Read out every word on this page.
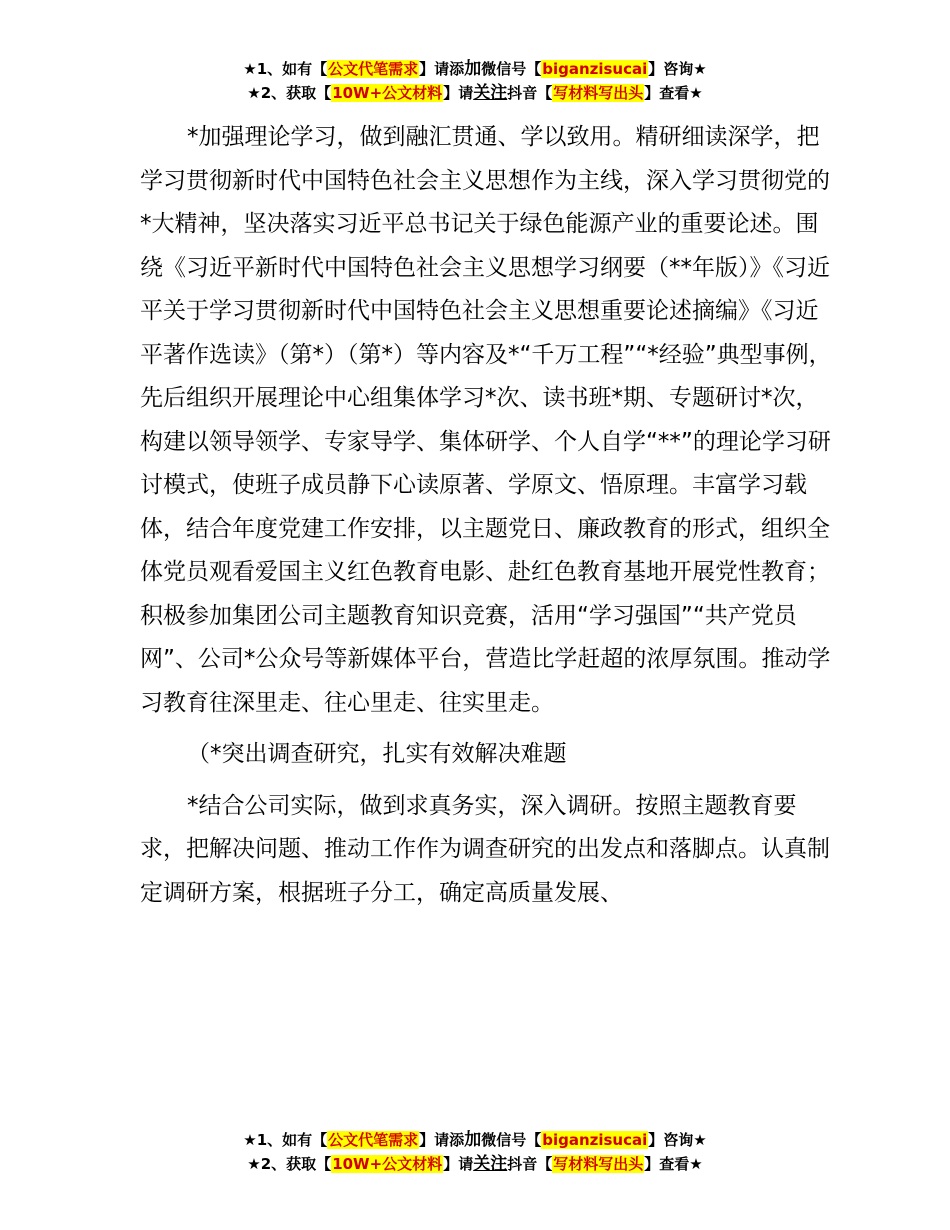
★1、如有【公文代笔需求】请添加微信号【biganzisucai】咨询★
★2、获取【10W+公文材料】请关注抖音【写材料写出头】查看★

*加强理论学习，做到融汇贯通、学以致用。精研细读深学，把学习贯彻新时代中国特色社会主义思想作为主线，深入学习贯彻党的*大精神，坚决落实习近平总书记关于绿色能源产业的重要论述。围绕《习近平新时代中国特色社会主义思想学习纲要（**年版）》《习近平关于学习贯彻新时代中国特色社会主义思想重要论述摘编》《习近平著作选读》（第*）（第*）等内容及*“千万工程”“*经验”典型事例，先后组织开展理论中心组集体学习*次、读书班*期、专题研讨*次，构建以领导领学、专家导学、集体研学、个人自学“**”的理论学习研讨模式，使班子成员静下心读原著、学原文、悟原理。丰富学习载体，结合年度党建工作安排，以主题党日、廉政教育的形式，组织全体党员观看爱国主义红色教育电影、赴红色教育基地开展党性教育；积极参加集团公司主题教育知识竞赛，活用“学习强国”“共产党员网”、公司*公众号等新媒体平台，营造比学赶超的浓厚氛围。推动学习教育往深里走、往心里走、往实里走。

（*突出调查研究，扎实有效解决难题

*结合公司实际，做到求真务实，深入调研。按照主题教育要求，把解决问题、推动工作作为调查研究的出发点和落脚点。认真制定调研方案，根据班子分工，确定高质量发展、

★1、如有【公文代笔需求】请添加微信号【biganzisucai】咨询★
★2、获取【10W+公文材料】请关注抖音【写材料写出头】查看★
